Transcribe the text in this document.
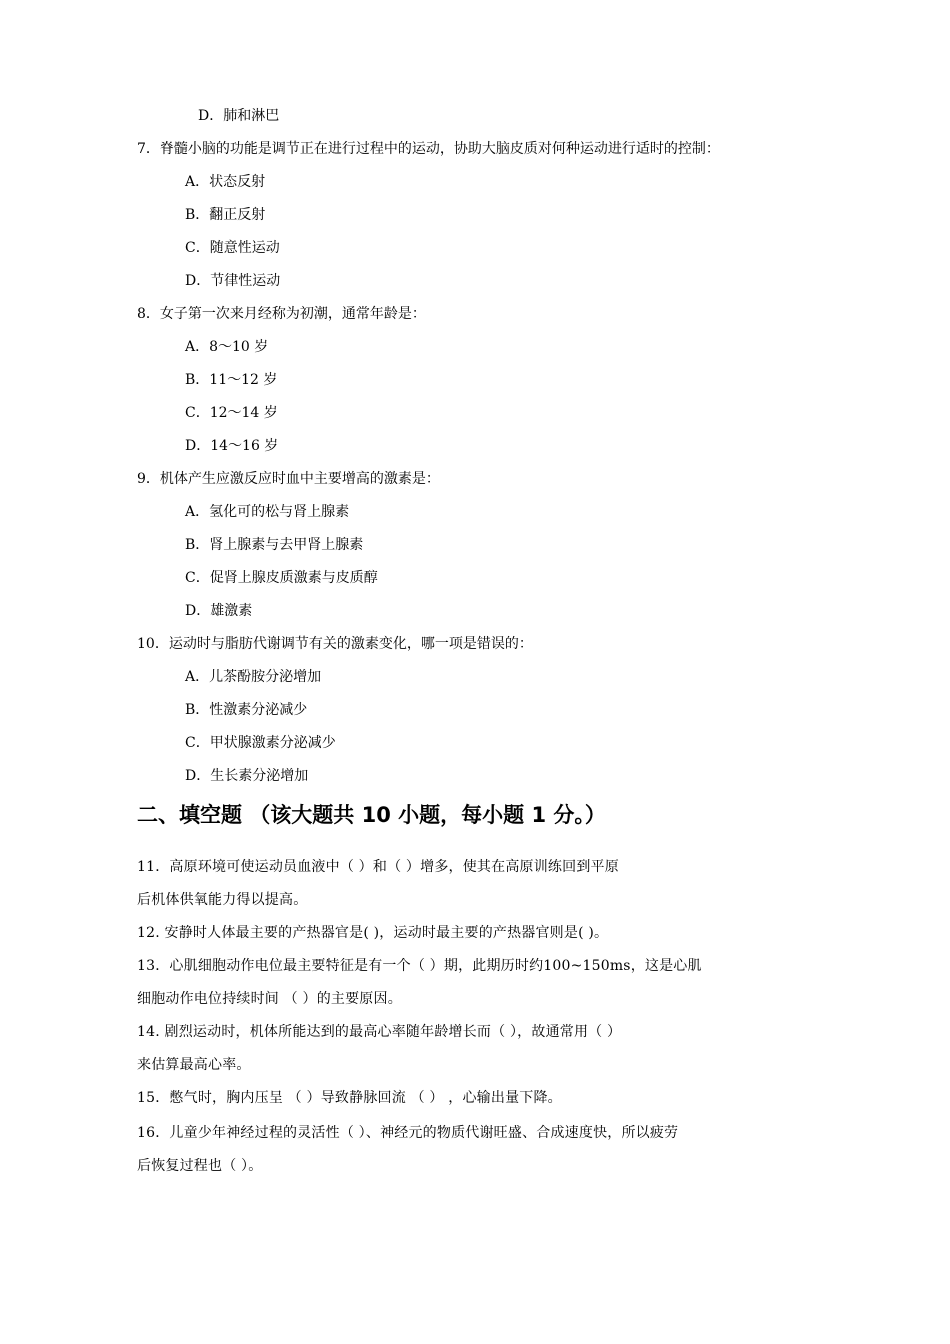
D．肺和淋巴
7．脊髓小脑的功能是调节正在进行过程中的运动，协助大脑皮质对何种运动进行适时的控制：
A．状态反射
B．翻正反射
C．随意性运动
D．节律性运动
8．女子第一次来月经称为初潮，通常年龄是：
A．8～10 岁
B．11～12 岁
C．12～14 岁
D．14～16 岁
9．机体产生应激反应时血中主要增高的激素是：
A．氢化可的松与肾上腺素
B．肾上腺素与去甲肾上腺素
C．促肾上腺皮质激素与皮质醇
D．雄激素
10．运动时与脂肪代谢调节有关的激素变化，哪一项是错误的：
A．儿茶酚胺分泌增加
B．性激素分泌减少
C．甲状腺激素分泌减少
D．生长素分泌增加
二、填空题 （该大题共 10 小题，每小题 1 分。）
11．高原环境可使运动员血液中（ ）和（ ）增多，使其在高原训练回到平原
后机体供氧能力得以提高。
12. 安静时人体最主要的产热器官是( )，运动时最主要的产热器官则是( )。
13．心肌细胞动作电位最主要特征是有一个（ ）期，此期历时约100~150ms，这是心肌
细胞动作电位持续时间 （ ）的主要原因。
14. 剧烈运动时，机体所能达到的最高心率随年龄增长而（ ），故通常用（ ）
来估算最高心率。
15．憋气时，胸内压呈 （ ）导致静脉回流 （ ） ，心输出量下降。
16．儿童少年神经过程的灵活性（ ）、神经元的物质代谢旺盛、合成速度快，所以疲劳
后恢复过程也（ ）。
